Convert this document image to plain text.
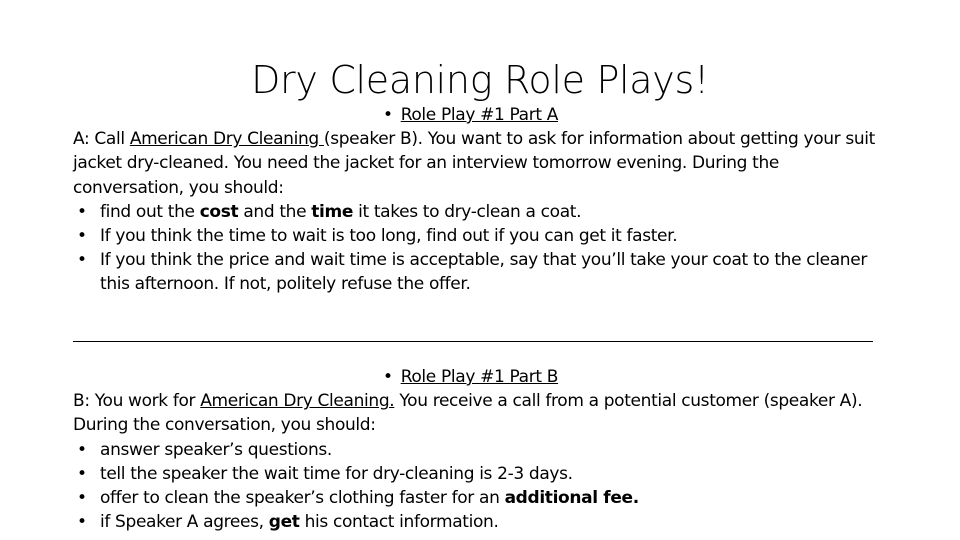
Dry Cleaning Role Plays!
• Role Play #1 Part A
A: Call American Dry Cleaning (speaker B). You want to ask for information about getting your suit jacket dry-cleaned. You need the jacket for an interview tomorrow evening. During the conversation, you should:
• find out the cost and the time it takes to dry-clean a coat.
• If you think the time to wait is too long, find out if you can get it faster.
• If you think the price and wait time is acceptable, say that you’ll take your coat to the cleaner this afternoon. If not, politely refuse the offer.
• Role Play #1 Part B
B: You work for American Dry Cleaning. You receive a call from a potential customer (speaker A). During the conversation, you should:
• answer speaker’s questions.
• tell the speaker the wait time for dry-cleaning is 2-3 days.
• offer to clean the speaker’s clothing faster for an additional fee.
• if Speaker A agrees, get his contact information.
